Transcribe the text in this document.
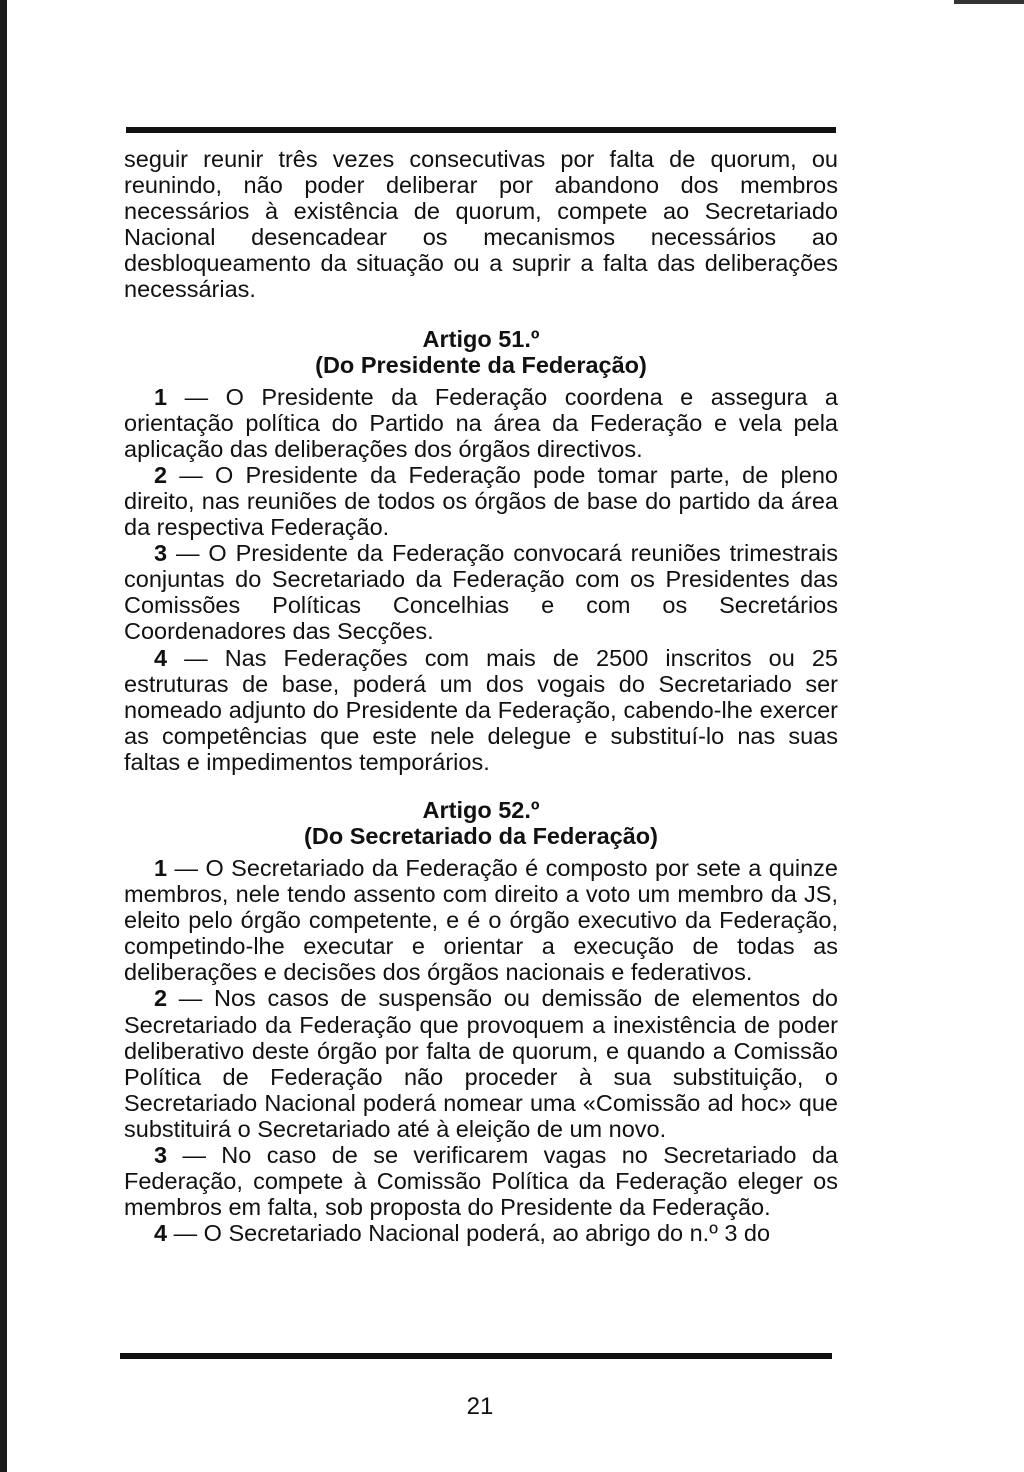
seguir reunir três vezes consecutivas por falta de quorum, ou reunindo, não poder deliberar por abandono dos membros necessários à existência de quorum, compete ao Secretariado Nacional desencadear os mecanismos necessários ao desbloqueamento da situação ou a suprir a falta das deliberações necessárias.

Artigo 51.º
(Do Presidente da Federação)

1 — O Presidente da Federação coordena e assegura a orientação política do Partido na área da Federação e vela pela aplicação das deliberações dos órgãos directivos.

2 — O Presidente da Federação pode tomar parte, de pleno direito, nas reuniões de todos os órgãos de base do partido da área da respectiva Federação.

3 — O Presidente da Federação convocará reuniões trimestrais conjuntas do Secretariado da Federação com os Presidentes das Comissões Políticas Concelhias e com os Secretários Coordenadores das Secções.

4 — Nas Federações com mais de 2500 inscritos ou 25 estruturas de base, poderá um dos vogais do Secretariado ser nomeado adjunto do Presidente da Federação, cabendo-lhe exercer as competências que este nele delegue e substituí-lo nas suas faltas e impedimentos temporários.

Artigo 52.º
(Do Secretariado da Federação)

1 — O Secretariado da Federação é composto por sete a quinze membros, nele tendo assento com direito a voto um membro da JS, eleito pelo órgão competente, e é o órgão executivo da Federação, competindo-lhe executar e orientar a execução de todas as deliberações e decisões dos órgãos nacionais e federativos.

2 — Nos casos de suspensão ou demissão de elementos do Secretariado da Federação que provoquem a inexistência de poder deliberativo deste órgão por falta de quorum, e quando a Comissão Política de Federação não proceder à sua substituição, o Secretariado Nacional poderá nomear uma «Comissão ad hoc» que substituirá o Secretariado até à eleição de um novo.

3 — No caso de se verificarem vagas no Secretariado da Federação, compete à Comissão Política da Federação eleger os membros em falta, sob proposta do Presidente da Federação.

4 — O Secretariado Nacional poderá, ao abrigo do n.º 3 do

21
